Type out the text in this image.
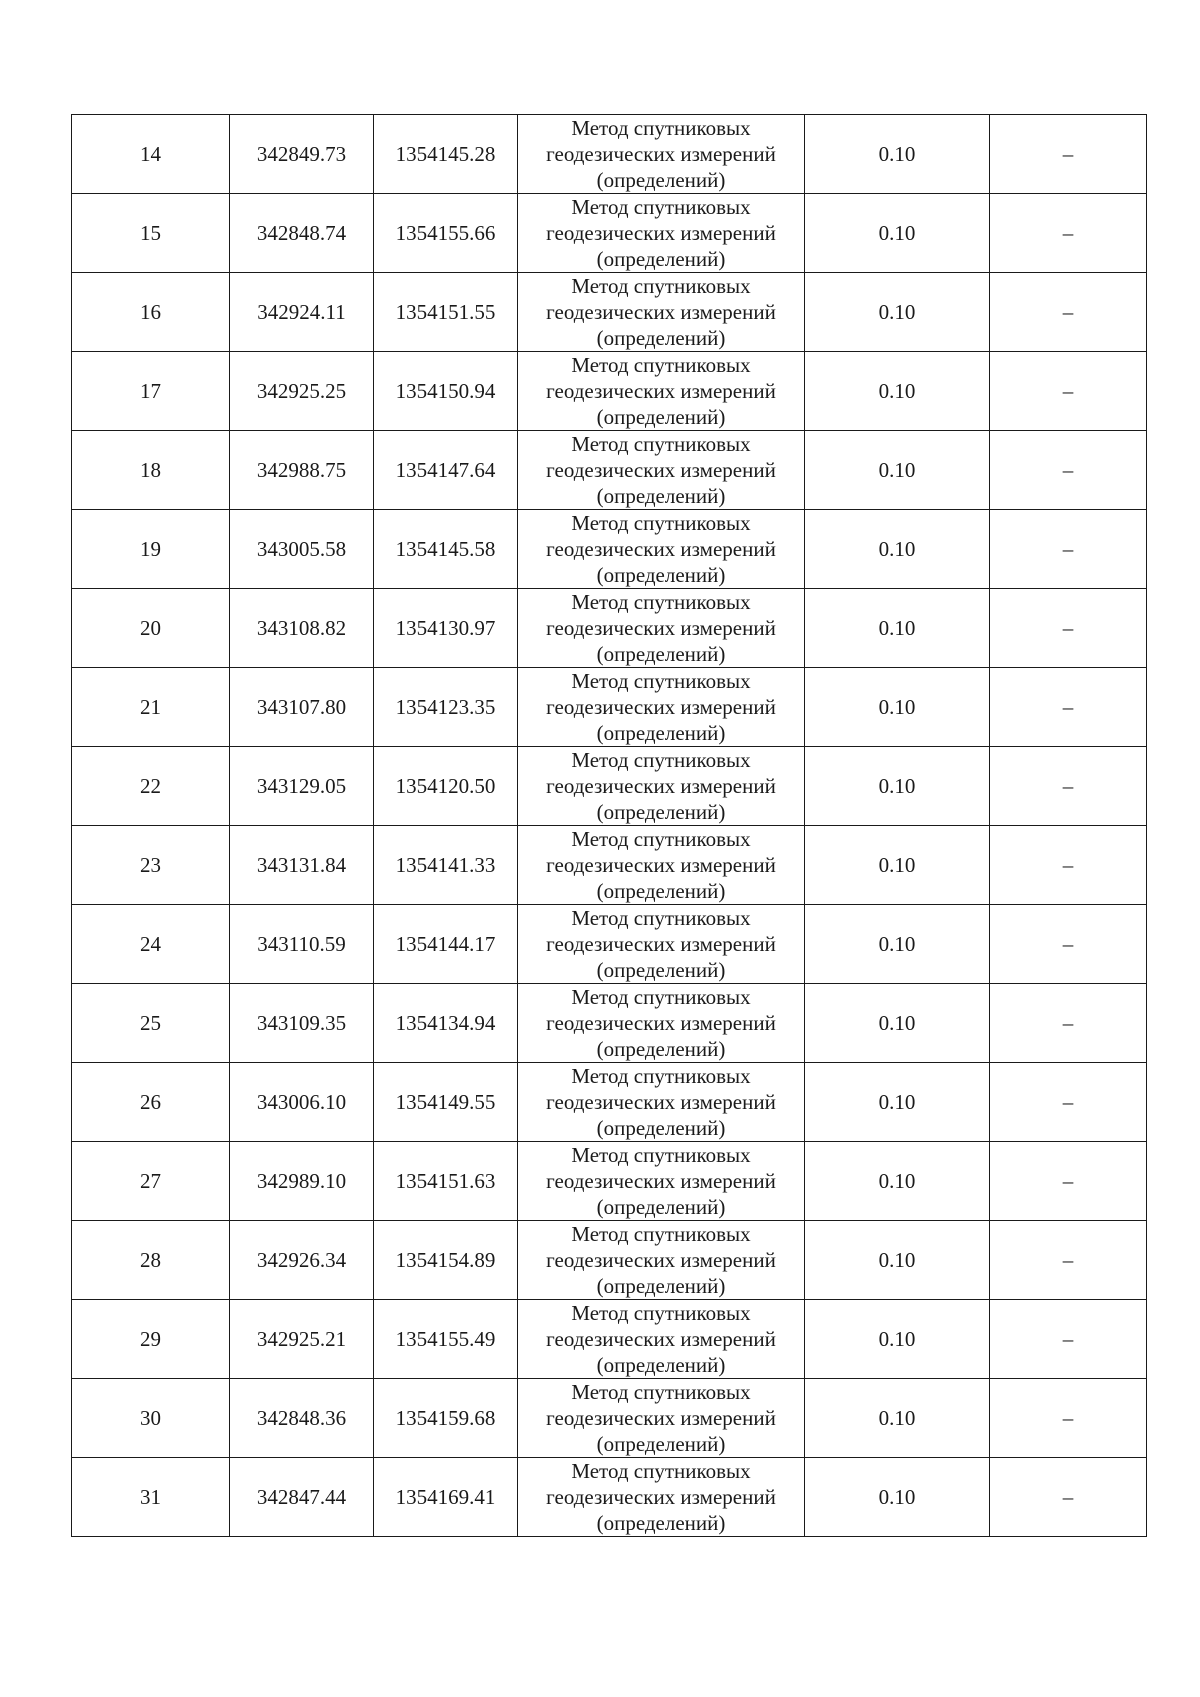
14	342849.73	1354145.28	Метод спутниковых геодезических измерений (определений)	0.10	–
15	342848.74	1354155.66	Метод спутниковых геодезических измерений (определений)	0.10	–
16	342924.11	1354151.55	Метод спутниковых геодезических измерений (определений)	0.10	–
17	342925.25	1354150.94	Метод спутниковых геодезических измерений (определений)	0.10	–
18	342988.75	1354147.64	Метод спутниковых геодезических измерений (определений)	0.10	–
19	343005.58	1354145.58	Метод спутниковых геодезических измерений (определений)	0.10	–
20	343108.82	1354130.97	Метод спутниковых геодезических измерений (определений)	0.10	–
21	343107.80	1354123.35	Метод спутниковых геодезических измерений (определений)	0.10	–
22	343129.05	1354120.50	Метод спутниковых геодезических измерений (определений)	0.10	–
23	343131.84	1354141.33	Метод спутниковых геодезических измерений (определений)	0.10	–
24	343110.59	1354144.17	Метод спутниковых геодезических измерений (определений)	0.10	–
25	343109.35	1354134.94	Метод спутниковых геодезических измерений (определений)	0.10	–
26	343006.10	1354149.55	Метод спутниковых геодезических измерений (определений)	0.10	–
27	342989.10	1354151.63	Метод спутниковых геодезических измерений (определений)	0.10	–
28	342926.34	1354154.89	Метод спутниковых геодезических измерений (определений)	0.10	–
29	342925.21	1354155.49	Метод спутниковых геодезических измерений (определений)	0.10	–
30	342848.36	1354159.68	Метод спутниковых геодезических измерений (определений)	0.10	–
31	342847.44	1354169.41	Метод спутниковых геодезических измерений (определений)	0.10	–
